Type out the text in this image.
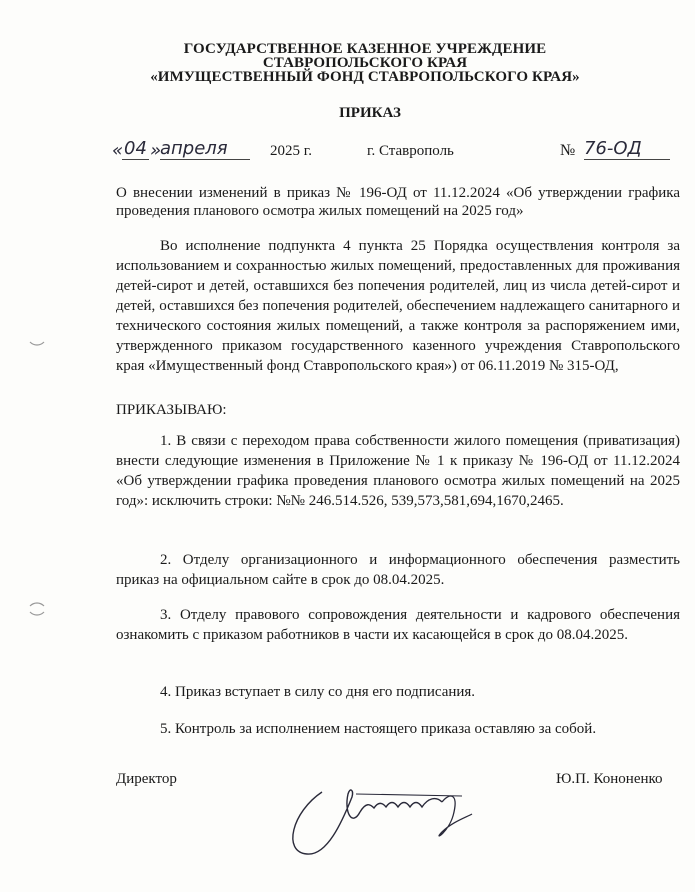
ГОСУДАРСТВЕННОЕ КАЗЕННОЕ УЧРЕЖДЕНИЕ
СТАВРОПОЛЬСКОГО КРАЯ
«ИМУЩЕСТВЕННЫЙ ФОНД СТАВРОПОЛЬСКОГО КРАЯ»
ПРИКАЗ
« 04 »
апреля	2025 г.	г. Ставрополь	№ 76-ОД

О внесении изменений в приказ № 196-ОД от 11.12.2024 «Об утверждении графика проведения планового осмотра жилых помещений на 2025 год»

Во исполнение подпункта 4 пункта 25 Порядка осуществления контроля за использованием и сохранностью жилых помещений, предоставленных для проживания детей-сирот и детей, оставшихся без попечения родителей, лиц из числа детей-сирот и детей, оставшихся без попечения родителей, обеспечением надлежащего санитарного и технического состояния жилых помещений, а также контроля за распоряжением ими, утвержденного приказом государственного казенного учреждения Ставропольского края «Имущественный фонд Ставропольского края») от 06.11.2019 № 315-ОД,

ПРИКАЗЫВАЮ:

1. В связи с переходом права собственности жилого помещения (приватизация) внести следующие изменения в Приложение № 1 к приказу № 196-ОД от 11.12.2024 «Об утверждении графика проведения планового осмотра жилых помещений на 2025 год»: исключить строки: №№ 246.514.526, 539,573,581,694,1670,2465.

2. Отделу организационного и информационного обеспечения разместить приказ на официальном сайте в срок до 08.04.2025.

3. Отделу правового сопровождения деятельности и кадрового обеспечения ознакомить с приказом работников в части их касающейся в срок до 08.04.2025.

4. Приказ вступает в силу со дня его подписания.

5. Контроль за исполнением настоящего приказа оставляю за собой.

Директор	Ю.П. Кононенко
